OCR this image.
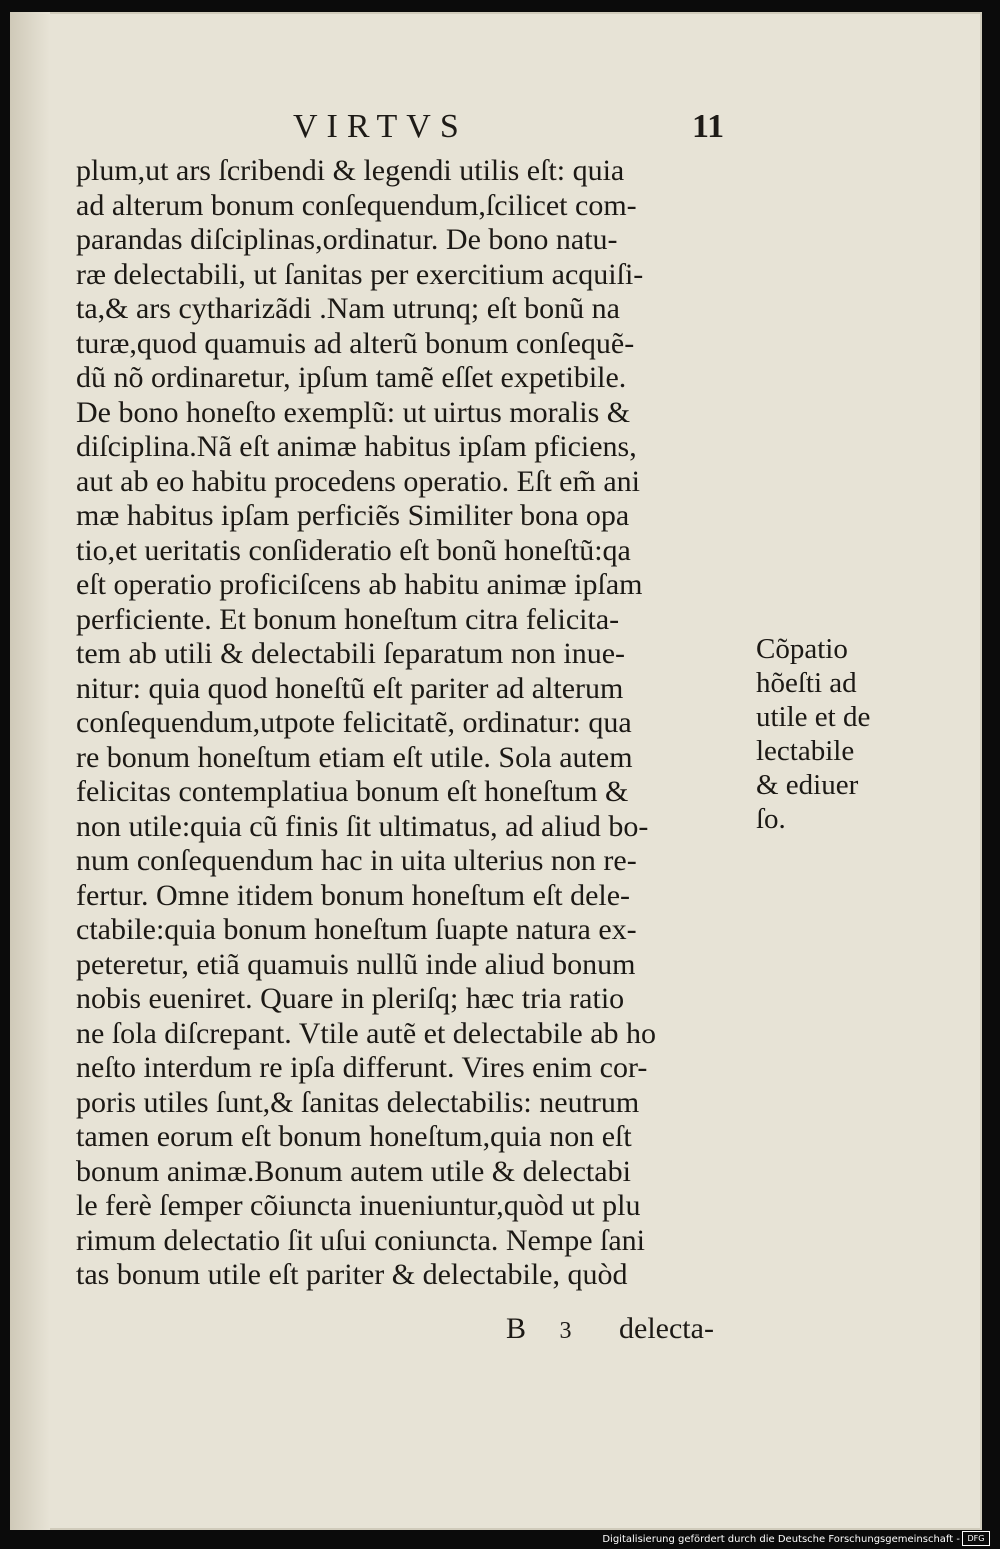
VIRTVS	11
plum,ut ars ſcribendi & legendi utilis eſt: quia
ad alterum bonum conſequendum,ſcilicet com-
parandas diſciplinas,ordinatur. De bono natu-
ræ delectabili, ut ſanitas per exercitium acquiſi-
ta,& ars cytharizãdi .Nam utrunq; eſt bonũ na
turæ,quod quamuis ad alterũ bonum conſequẽ-
dũ nõ ordinaretur, ipſum tamẽ eſſet expetibile.
De bono honeſto exemplũ: ut uirtus moralis &
diſciplina.Nã eſt animæ habitus ipſam pficiens,
aut ab eo habitu procedens operatio. Eſt em̃ ani
mæ habitus ipſam perficiẽs Similiter bona opa
tio,et ueritatis conſideratio eſt bonũ honeſtũ:qa
eſt operatio proficiſcens ab habitu animæ ipſam
perficiente. Et bonum honeſtum citra felicita-
tem ab utili & delectabili ſeparatum non inue-
nitur: quia quod honeſtũ eſt pariter ad alterum
conſequendum,utpote felicitatẽ, ordinatur: qua
re bonum honeſtum etiam eſt utile. Sola autem
felicitas contemplatiua bonum eſt honeſtum &
non utile:quia cũ finis ſit ultimatus, ad aliud bo-
num conſequendum hac in uita ulterius non re-
fertur. Omne itidem bonum honeſtum eſt dele-
ctabile:quia bonum honeſtum ſuapte natura ex-
peteretur, etiã quamuis nullũ inde aliud bonum
nobis eueniret. Quare in pleriſq; hæc tria ratio
ne ſola diſcrepant. Vtile autẽ et delectabile ab ho
neſto interdum re ipſa differunt. Vires enim cor-
poris utiles ſunt,& ſanitas delectabilis: neutrum
tamen eorum eſt bonum honeſtum,quia non eſt
bonum animæ.Bonum autem utile & delectabi
le ferè ſemper cõiuncta inueniuntur,quòd ut plu
rimum delectatio ſit uſui coniuncta. Nempe ſani
tas bonum utile eſt pariter & delectabile, quòd
Cõpatio
hõeſti ad
utile et de
lectabile
& ediuer
ſo.
B 3 delecta-
Digitalisierung gefördert durch die Deutsche Forschungsgemeinschaft - DFG
